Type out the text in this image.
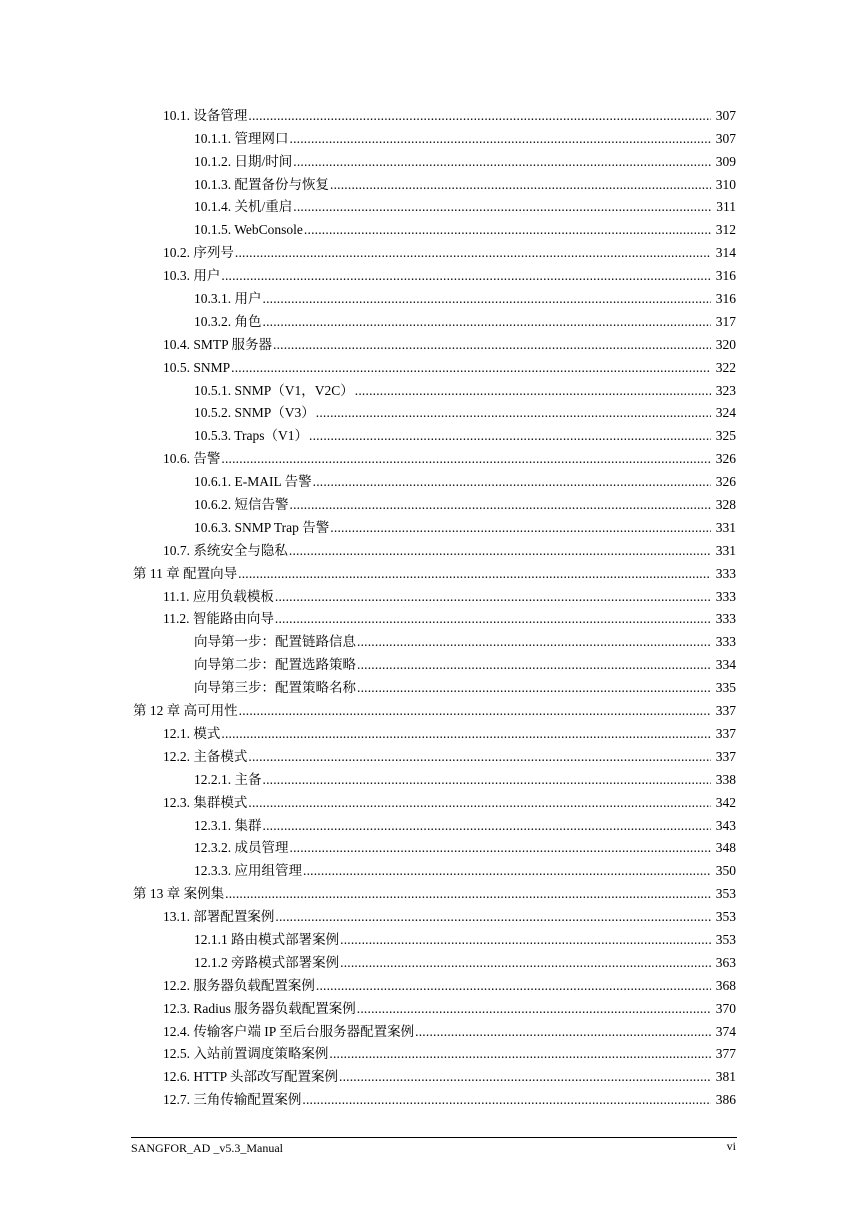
10.1. 设备管理 .....	307
10.1.1. 管理网口 .....	307
10.1.2. 日期/时间 .....	309
10.1.3. 配置备份与恢复 .....	310
10.1.4. 关机/重启 .....	311
10.1.5. WebConsole .....	312
10.2. 序列号 .....	314
10.3. 用户 .....	316
10.3.1. 用户 .....	316
10.3.2. 角色 .....	317
10.4. SMTP 服务器 .....	320
10.5. SNMP .....	322
10.5.1. SNMP（V1，V2C） .....	323
10.5.2. SNMP（V3） .....	324
10.5.3. Traps（V1） .....	325
10.6. 告警 .....	326
10.6.1. E-MAIL 告警 .....	326
10.6.2. 短信告警 .....	328
10.6.3. SNMP Trap 告警 .....	331
10.7. 系统安全与隐私 .....	331
第 11 章 配置向导 .....	333
11.1. 应用负载模板 .....	333
11.2. 智能路由向导 .....	333
向导第一步：配置链路信息 .....	333
向导第二步：配置选路策略 .....	334
向导第三步：配置策略名称 .....	335
第 12 章 高可用性 .....	337
12.1. 模式 .....	337
12.2. 主备模式 .....	337
12.2.1. 主备 .....	338
12.3. 集群模式 .....	342
12.3.1. 集群 .....	343
12.3.2. 成员管理 .....	348
12.3.3. 应用组管理 .....	350
第 13 章 案例集 .....	353
13.1. 部署配置案例 .....	353
12.1.1 路由模式部署案例 .....	353
12.1.2 旁路模式部署案例 .....	363
12.2. 服务器负载配置案例 .....	368
12.3. Radius 服务器负载配置案例 .....	370
12.4. 传输客户端 IP 至后台服务器配置案例 .....	374
12.5. 入站前置调度策略案例 .....	377
12.6. HTTP 头部改写配置案例 .....	381
12.7. 三角传输配置案例 .....	386
SANGFOR_AD _v5.3_Manual	vi
